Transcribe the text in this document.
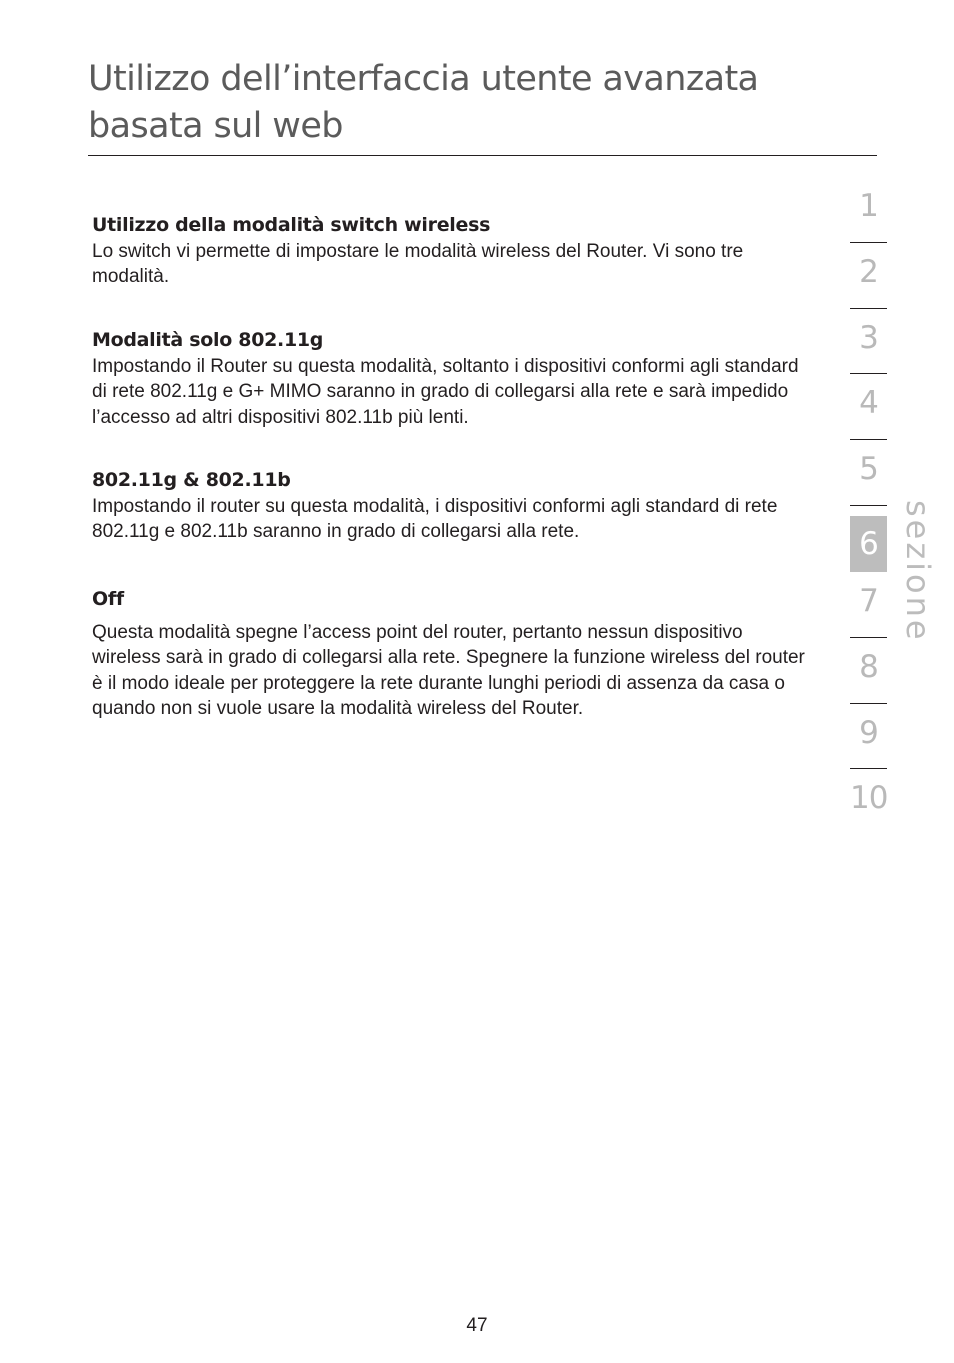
Utilizzo dell’interfaccia utente avanzata basata sul web

Utilizzo della modalità switch wireless

Lo switch vi permette di impostare le modalità wireless del Router. Vi sono tre modalità.

Modalità solo 802.11g

Impostando il Router su questa modalità, soltanto i dispositivi conformi agli standard di rete 802.11g e G+ MIMO saranno in grado di collegarsi alla rete e sarà impedido l’accesso ad altri dispositivi 802.11b più lenti.

802.11g & 802.11b

Impostando il router su questa modalità, i dispositivi conformi agli standard di rete 802.11g e 802.11b saranno in grado di collegarsi alla rete.

Off

Questa modalità spegne l’access point del router, pertanto nessun dispositivo wireless sarà in grado di collegarsi alla rete. Spegnere la funzione wireless del router è il modo ideale per proteggere la rete durante lunghi periodi di assenza da casa o quando non si vuole usare la modalità wireless del Router.

1
2
3
4
5
6
7
8
9
10
sezione
47
